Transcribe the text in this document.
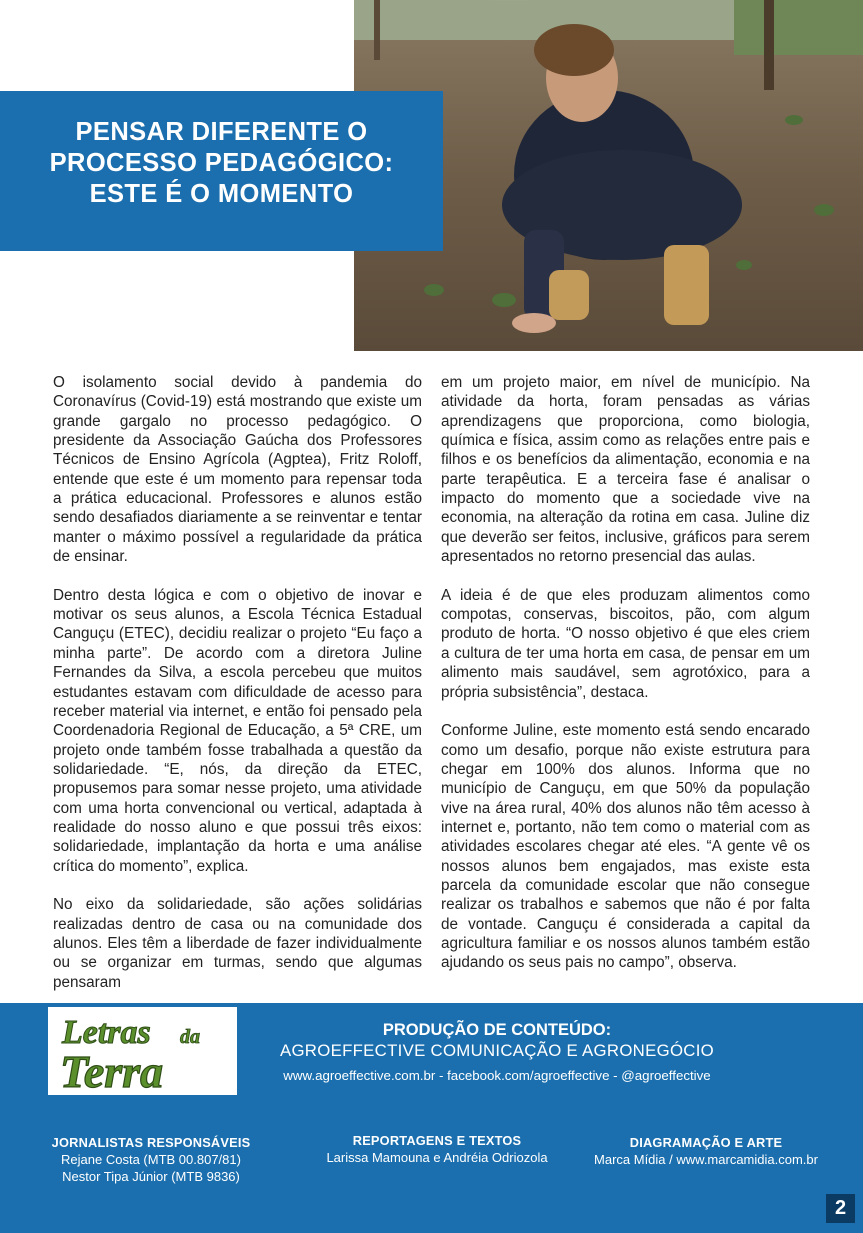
PENSAR DIFERENTE O
PROCESSO PEDAGÓGICO:
ESTE É O MOMENTO

O isolamento social devido à pandemia do Coronavírus (Covid-19) está mostrando que existe um grande gargalo no processo pedagógico. O presidente da Associação Gaúcha dos Professores Técnicos de Ensino Agrícola (Agptea), Fritz Roloff, entende que este é um momento para repensar toda a prática educacional. Professores e alunos estão sendo desafiados diariamente a se reinventar e tentar manter o máximo possível a regularidade da prática de ensinar.

Dentro desta lógica e com o objetivo de inovar e motivar os seus alunos, a Escola Técnica Estadual Canguçu (ETEC), decidiu realizar o projeto “Eu faço a minha parte”. De acordo com a diretora Juline Fernandes da Silva, a escola percebeu que muitos estudantes estavam com dificuldade de acesso para receber material via internet, e então foi pensado pela Coordenadoria Regional de Educação, a 5ª CRE, um projeto onde também fosse trabalhada a questão da solidariedade. “E, nós, da direção da ETEC, propusemos para somar nesse projeto, uma atividade com uma horta convencional ou vertical, adaptada à realidade do nosso aluno e que possui três eixos: solidariedade, implantação da horta e uma análise crítica do momento”, explica.

No eixo da solidariedade, são ações solidárias realizadas dentro de casa ou na comunidade dos alunos. Eles têm a liberdade de fazer individualmente ou se organizar em turmas, sendo que algumas pensaram

em um projeto maior, em nível de município. Na atividade da horta, foram pensadas as várias aprendizagens que proporciona, como biologia, química e física, assim como as relações entre pais e filhos e os benefícios da alimentação, economia e na parte terapêutica. E a terceira fase é analisar o impacto do momento que a sociedade vive na economia, na alteração da rotina em casa. Juline diz que deverão ser feitos, inclusive, gráficos para serem apresentados no retorno presencial das aulas.

A ideia é de que eles produzam alimentos como compotas, conservas, biscoitos, pão, com algum produto de horta. “O nosso objetivo é que eles criem a cultura de ter uma horta em casa, de pensar em um alimento mais saudável, sem agrotóxico, para a própria subsistência”, destaca.

Conforme Juline, este momento está sendo encarado como um desafio, porque não existe estrutura para chegar em 100% dos alunos. Informa que no município de Canguçu, em que 50% da população vive na área rural, 40% dos alunos não têm acesso à internet e, portanto, não tem como o material com as atividades escolares chegar até eles. “A gente vê os nossos alunos bem engajados, mas existe esta parcela da comunidade escolar que não consegue realizar os trabalhos e sabemos que não é por falta de vontade. Canguçu é considerada a capital da agricultura familiar e os nossos alunos também estão ajudando os seus pais no campo”, observa.

Letras da
Terra
PRODUÇÃO DE CONTEÚDO:
AGROEFFECTIVE COMUNICAÇÃO E AGRONEGÓCIO
www.agroeffective.com.br - facebook.com/agroeffective - @agroeffective
JORNALISTAS RESPONSÁVEIS
Rejane Costa (MTB 00.807/81)
Nestor Tipa Júnior (MTB 9836)
REPORTAGENS E TEXTOS
Larissa Mamouna e Andréia Odriozola
DIAGRAMAÇÃO E ARTE
Marca Mídia / www.marcamidia.com.br
2
